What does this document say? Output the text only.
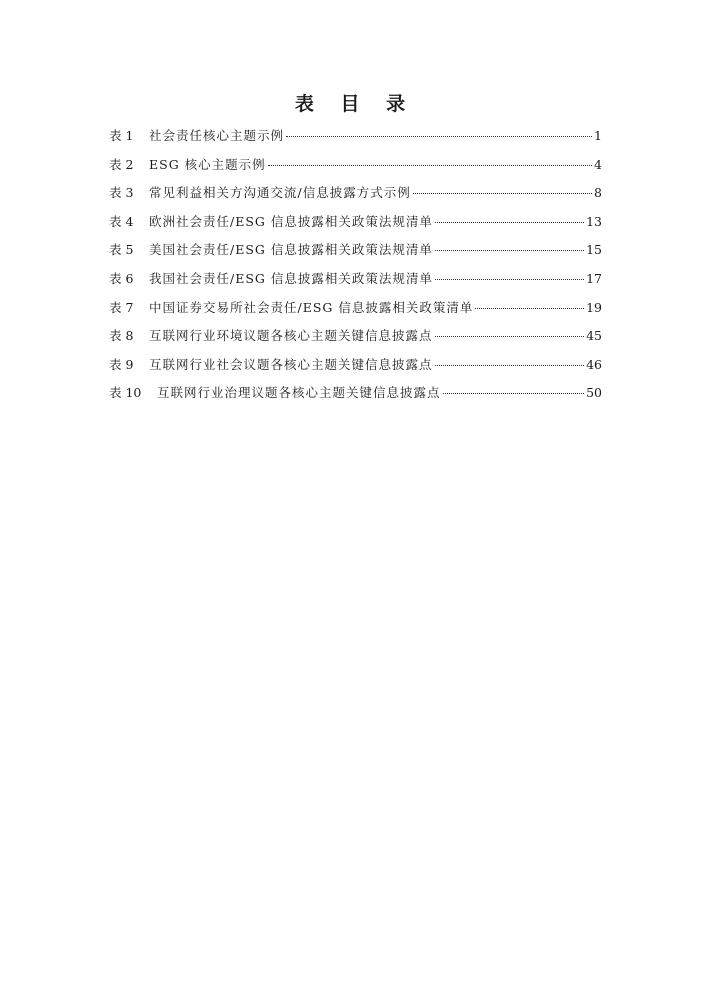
表 目 录
表 1	社会责任核心主题示例	1
表 2	ESG 核心主题示例	4
表 3	常见利益相关方沟通交流/信息披露方式示例	8
表 4	欧洲社会责任/ESG 信息披露相关政策法规清单	13
表 5	美国社会责任/ESG 信息披露相关政策法规清单	15
表 6	我国社会责任/ESG 信息披露相关政策法规清单	17
表 7	中国证券交易所社会责任/ESG 信息披露相关政策清单	19
表 8	互联网行业环境议题各核心主题关键信息披露点	45
表 9	互联网行业社会议题各核心主题关键信息披露点	46
表 10	互联网行业治理议题各核心主题关键信息披露点	50
